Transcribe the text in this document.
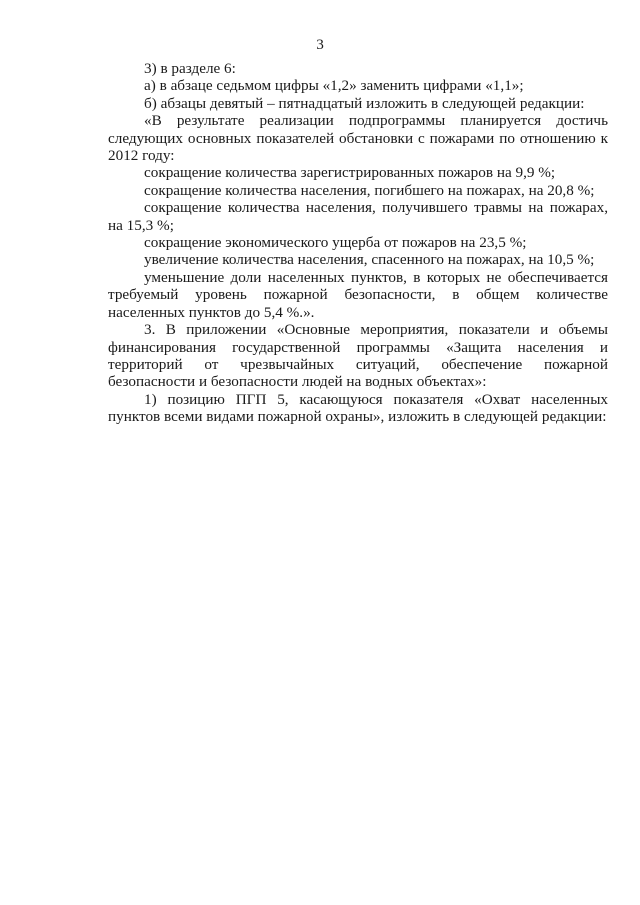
3

3) в разделе 6:

а) в абзаце седьмом цифры «1,2» заменить цифрами «1,1»;

б) абзацы девятый – пятнадцатый изложить в следующей редакции:

«В результате реализации подпрограммы планируется достичь следующих основных показателей обстановки с пожарами по отношению к 2012 году:

сокращение количества зарегистрированных пожаров на 9,9 %;

сокращение количества населения, погибшего на пожарах, на 20,8 %;

сокращение количества населения, получившего травмы на пожарах, на 15,3 %;

сокращение экономического ущерба от пожаров на 23,5 %;

увеличение количества населения, спасенного на пожарах, на 10,5 %;

уменьшение доли населенных пунктов, в которых не обеспечивается требуемый уровень пожарной безопасности, в общем количестве населенных пунктов до 5,4 %.».

3. В приложении «Основные мероприятия, показатели и объемы финансирования государственной программы «Защита населения и территорий от чрезвычайных ситуаций, обеспечение пожарной безопасности и безопасности людей на водных объектах»:

1) позицию ПГП 5, касающуюся показателя «Охват населенных пунктов всеми видами пожарной охраны», изложить в следующей редакции:
